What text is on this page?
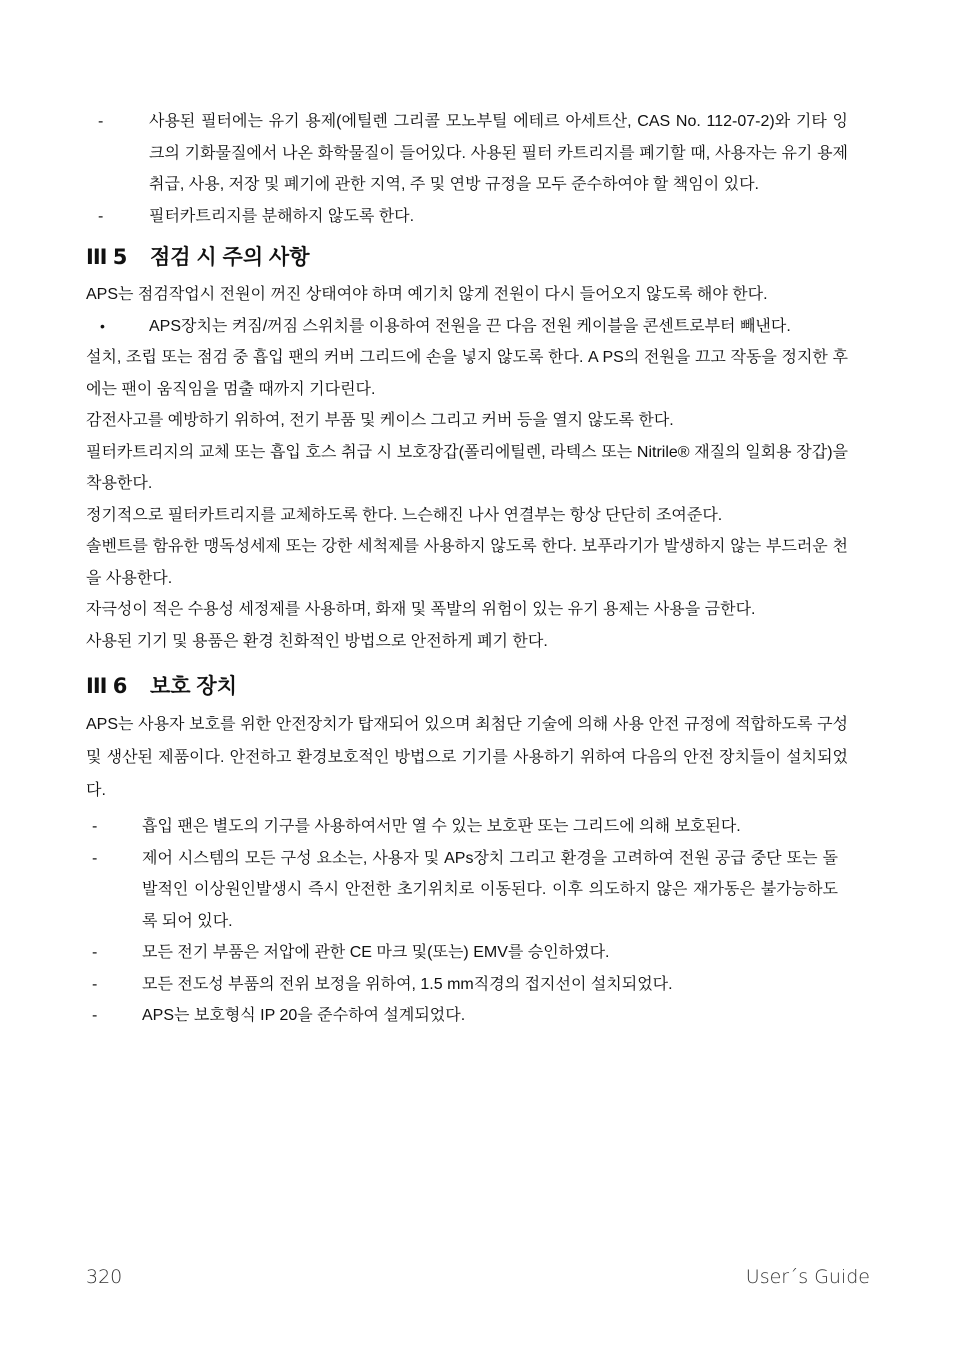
-	사용된 필터에는 유기 용제(에틸렌 그리콜 모노부틸 에테르 아세트산, CAS No. 112-07-2)와 기타 잉크의 기화물질에서 나온 화학물질이 들어있다. 사용된 필터 카트리지를 폐기할 때, 사용자는 유기 용제 취급, 사용, 저장 및 폐기에 관한 지역, 주 및 연방 규정을 모두 준수하여야 할 책임이 있다.

-	필터카트리지를 분해하지 않도록 한다.

III 5	점검 시 주의 사항

APS는 점검작업시 전원이 꺼진 상태여야 하며 예기치 않게 전원이 다시 들어오지 않도록 해야 한다.

•	APS장치는 켜짐/꺼짐 스위치를 이용하여 전원을 끈 다음 전원 케이블을 콘센트로부터 빼낸다.

설치, 조립 또는 점검 중 흡입 팬의 커버 그리드에 손을 넣지 않도록 한다. A PS의 전원을 끄고 작동을 정지한 후에는 팬이 움직임을 멈출 때까지 기다린다.

감전사고를 예방하기 위하여, 전기 부품 및 케이스 그리고 커버 등을 열지 않도록 한다.

필터카트리지의 교체 또는 흡입 호스 취급 시 보호장갑(폴리에틸렌, 라텍스 또는 Nitrile® 재질의 일회용 장갑)을 착용한다.

정기적으로 필터카트리지를 교체하도록 한다. 느슨해진 나사 연결부는 항상 단단히 조여준다.

솔벤트를 함유한 맹독성세제 또는 강한 세척제를 사용하지 않도록 한다. 보푸라기가 발생하지 않는 부드러운 천을 사용한다.

자극성이 적은 수용성 세정제를 사용하며, 화재 및 폭발의 위험이 있는 유기 용제는 사용을 금한다.

사용된 기기 및 용품은 환경 친화적인 방법으로 안전하게 폐기 한다.

III 6	보호 장치

APS는 사용자 보호를 위한 안전장치가 탑재되어 있으며 최첨단 기술에 의해 사용 안전 규정에 적합하도록 구성 및 생산된 제품이다. 안전하고 환경보호적인 방법으로 기기를 사용하기 위하여 다음의 안전 장치들이 설치되었다.

-	흡입 팬은 별도의 기구를 사용하여서만 열 수 있는 보호판 또는 그리드에 의해 보호된다.

-	제어 시스템의 모든 구성 요소는, 사용자 및 APs장치 그리고 환경을 고려하여 전원 공급 중단 또는 돌발적인 이상원인발생시 즉시 안전한 초기위치로 이동된다. 이후 의도하지 않은 재가동은 불가능하도록 되어 있다.

-	모든 전기 부품은 저압에 관한 CE 마크 및(또는) EMV를 승인하였다.

-	모든 전도성 부품의 전위 보정을 위하여, 1.5 mm직경의 접지선이 설치되었다.

-	APS는 보호형식 IP 20을 준수하여 설계되었다.

320	User´s Guide
